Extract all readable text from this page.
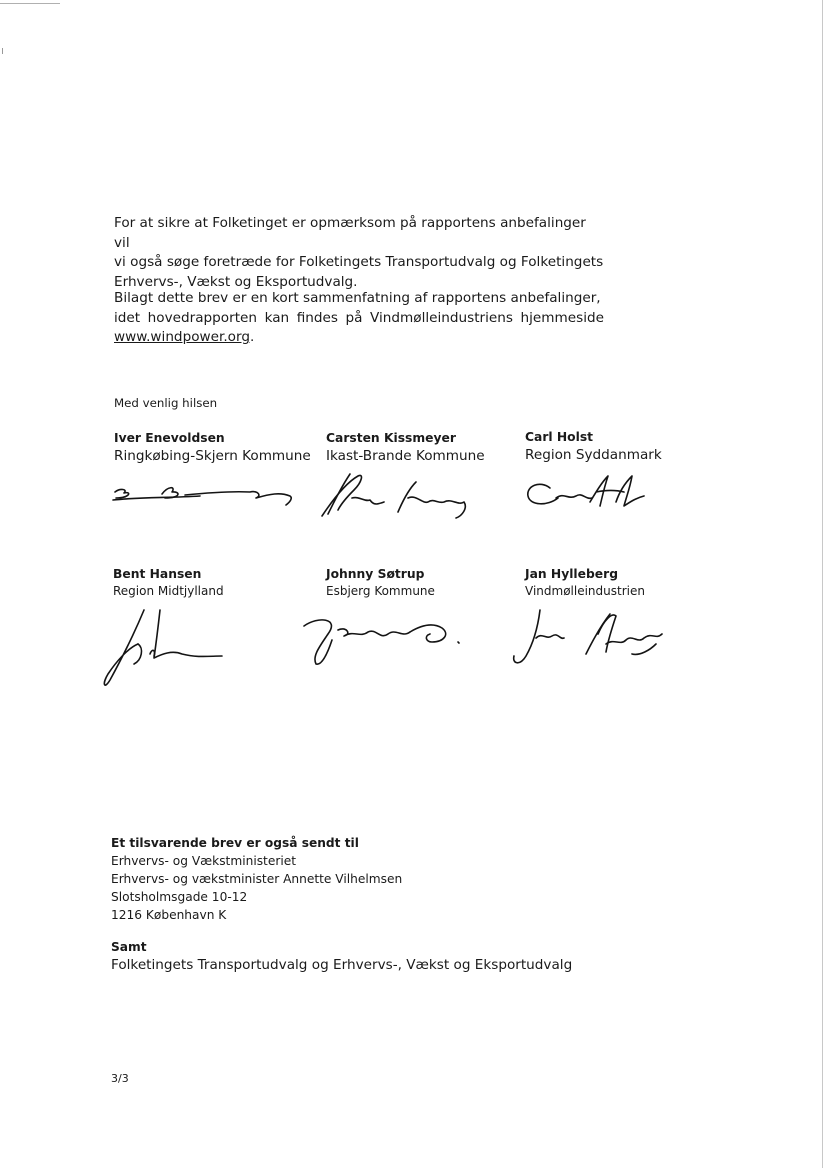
For at sikre at Folketinget er opmærksom på rapportens anbefalinger vil
vi også søge foretræde for Folketingets Transportudvalg og Folketingets
Erhvervs-, Vækst og Eksportudvalg.

Bilagt dette brev er en kort sammenfatning af rapportens anbefalinger,

idet hovedrapporten kan findes på Vindmølleindustriens hjemmeside
www.windpower.org.

Med venlig hilsen
Iver Enevoldsen
Ringkøbing-Skjern Kommune
Carsten Kissmeyer
Ikast-Brande Kommune
Carl Holst
Region Syddanmark
Bent Hansen
Region Midtjylland
Johnny Søtrup
Esbjerg Kommune
Jan Hylleberg
Vindmølleindustrien
Et tilsvarende brev er også sendt til
Erhvervs- og Vækstministeriet
Erhvervs- og vækstminister Annette Vilhelmsen
Slotsholmsgade 10-12
1216 København K
Samt
Folketingets Transportudvalg og Erhvervs-, Vækst og Eksportudvalg
3/3
